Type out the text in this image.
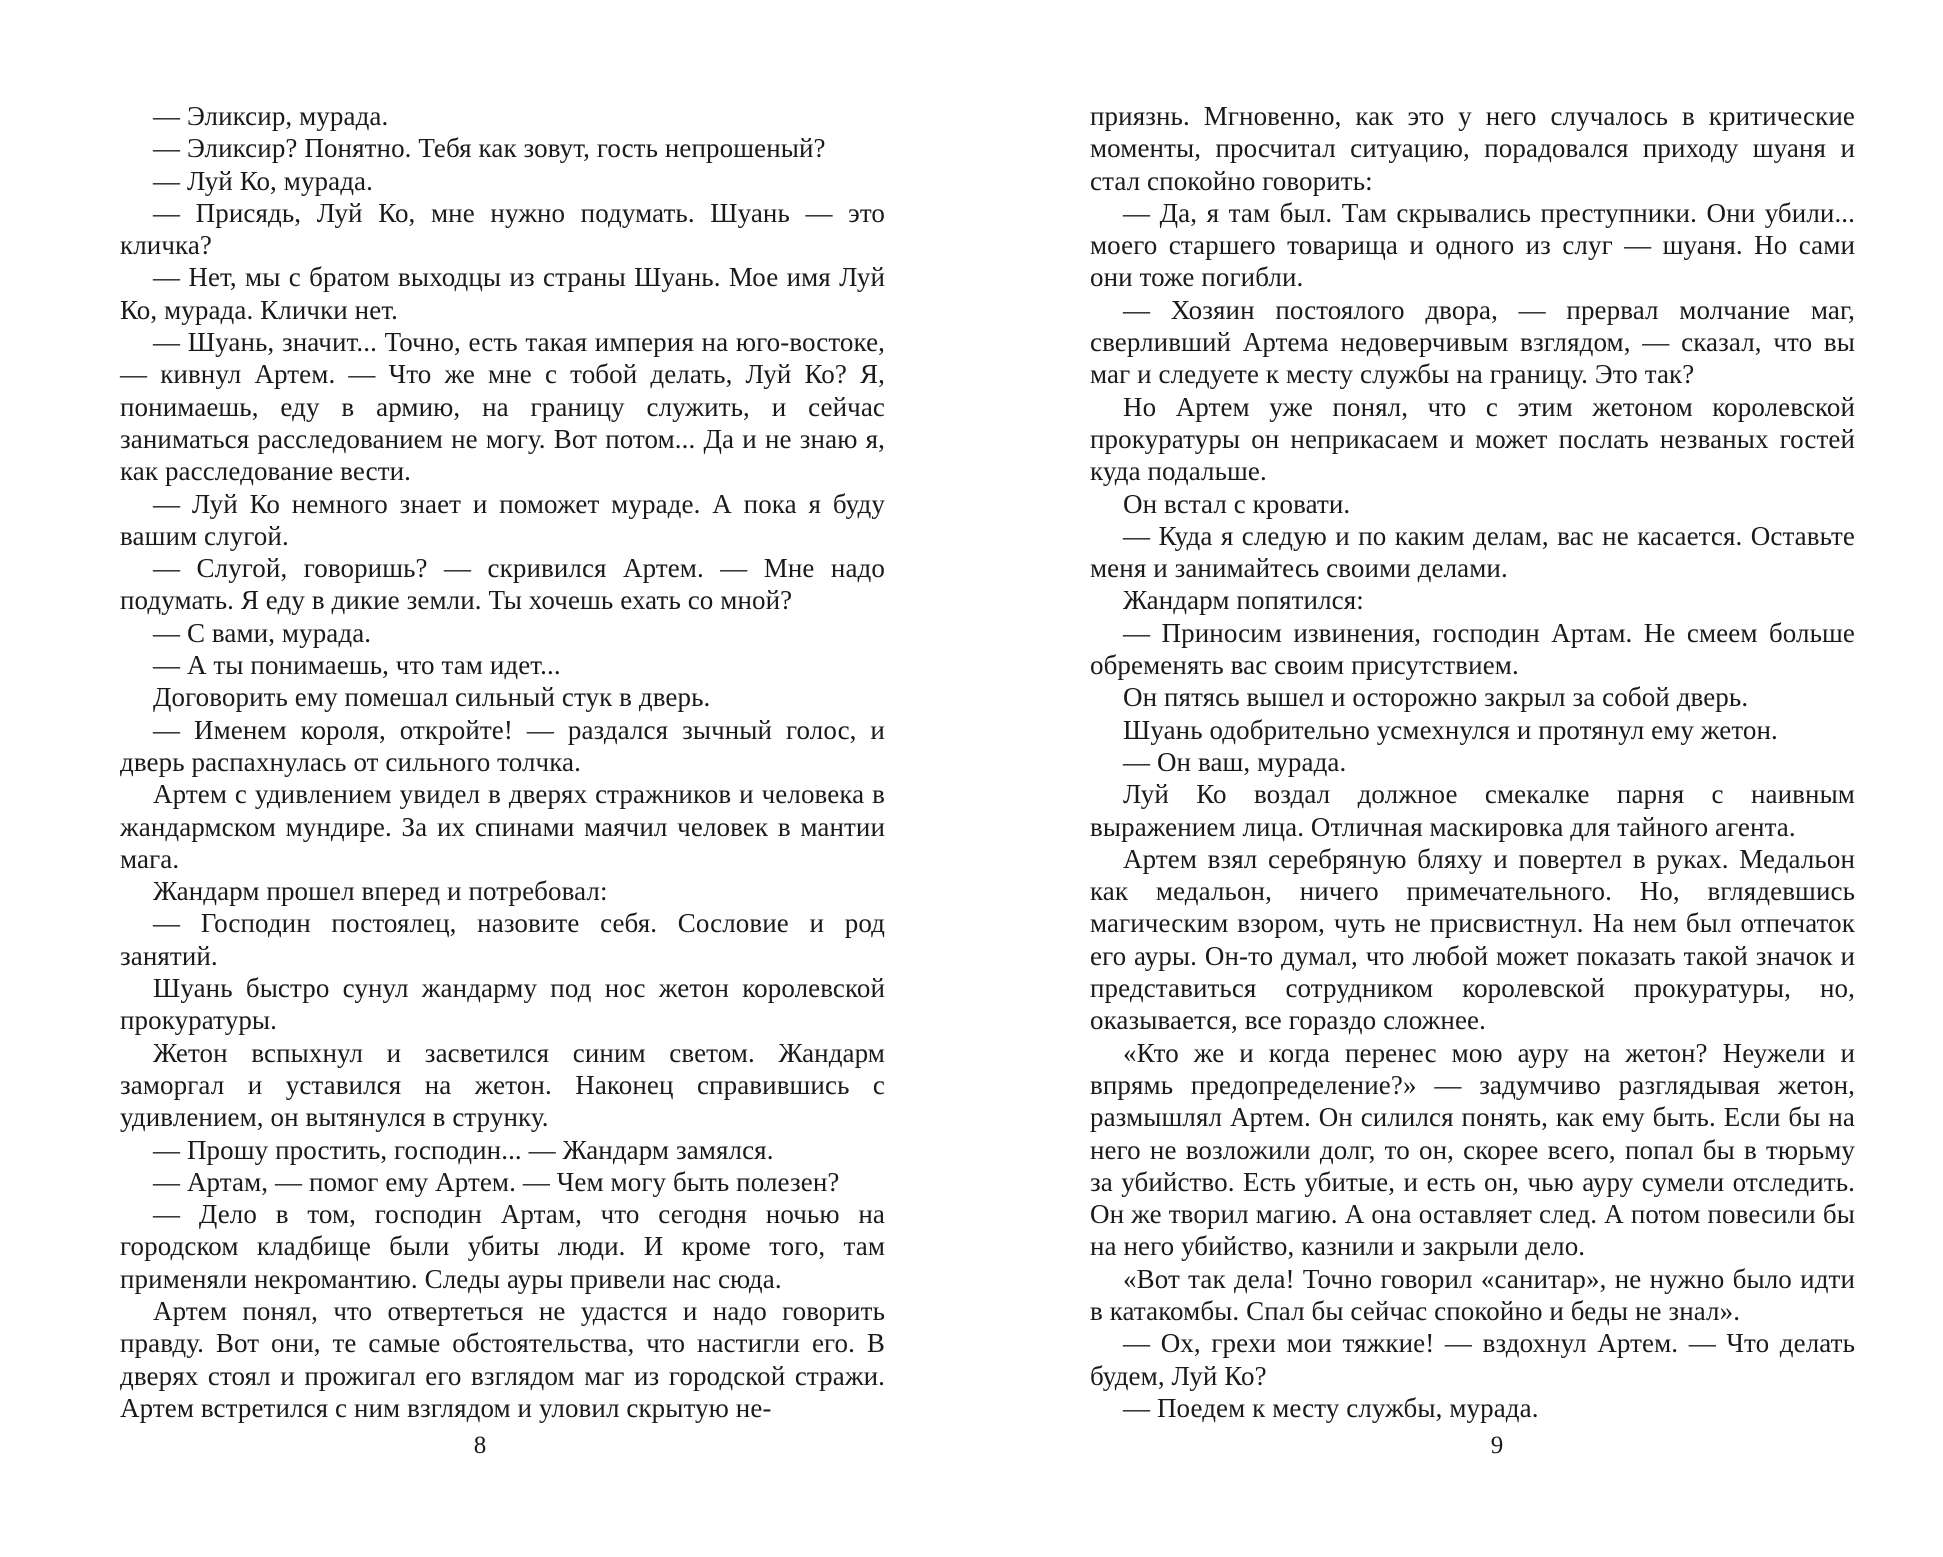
— Эликсир, мурада.

— Эликсир? Понятно. Тебя как зовут, гость непрошеный?

— Луй Ко, мурада.

— Присядь, Луй Ко, мне нужно подумать. Шуань — это кличка?

— Нет, мы с братом выходцы из страны Шуань. Мое имя Луй Ко, мурада. Клички нет.

— Шуань, значит... Точно, есть такая империя на юго-востоке, — кивнул Артем. — Что же мне с тобой делать, Луй Ко? Я, понимаешь, еду в армию, на границу служить, и сейчас заниматься расследованием не могу. Вот потом... Да и не знаю я, как расследование вести.

— Луй Ко немного знает и поможет мураде. А пока я буду вашим слугой.

— Слугой, говоришь? — скривился Артем. — Мне надо подумать. Я еду в дикие земли. Ты хочешь ехать со мной?

— С вами, мурада.

— А ты понимаешь, что там идет...

Договорить ему помешал сильный стук в дверь.

— Именем короля, откройте! — раздался зычный голос, и дверь распахнулась от сильного толчка.

Артем с удивлением увидел в дверях стражников и человека в жандармском мундире. За их спинами маячил человек в мантии мага.

Жандарм прошел вперед и потребовал:

— Господин постоялец, назовите себя. Сословие и род занятий.

Шуань быстро сунул жандарму под нос жетон королевской прокуратуры.

Жетон вспыхнул и засветился синим светом. Жандарм заморгал и уставился на жетон. Наконец справившись с удивлением, он вытянулся в струнку.

— Прошу простить, господин... — Жандарм замялся.

— Артам, — помог ему Артем. — Чем могу быть полезен?

— Дело в том, господин Артам, что сегодня ночью на городском кладбище были убиты люди. И кроме того, там применяли некромантию. Следы ауры привели нас сюда.

Артем понял, что отвертеться не удастся и надо говорить правду. Вот они, те самые обстоятельства, что настигли его. В дверях стоял и прожигал его взглядом маг из городской стражи. Артем встретился с ним взглядом и уловил скрытую не-

8

приязнь. Мгновенно, как это у него случалось в критические моменты, просчитал ситуацию, порадовался приходу шуаня и стал спокойно говорить:

— Да, я там был. Там скрывались преступники. Они убили... моего старшего товарища и одного из слуг — шуаня. Но сами они тоже погибли.

— Хозяин постоялого двора, — прервал молчание маг, сверливший Артема недоверчивым взглядом, — сказал, что вы маг и следуете к месту службы на границу. Это так?

Но Артем уже понял, что с этим жетоном королевской прокуратуры он неприкасаем и может послать незваных гостей куда подальше.

Он встал с кровати.

— Куда я следую и по каким делам, вас не касается. Оставьте меня и занимайтесь своими делами.

Жандарм попятился:

— Приносим извинения, господин Артам. Не смеем больше обременять вас своим присутствием.

Он пятясь вышел и осторожно закрыл за собой дверь.

Шуань одобрительно усмехнулся и протянул ему жетон.

— Он ваш, мурада.

Луй Ко воздал должное смекалке парня с наивным выражением лица. Отличная маскировка для тайного агента.

Артем взял серебряную бляху и повертел в руках. Медальон как медальон, ничего примечательного. Но, вглядевшись магическим взором, чуть не присвистнул. На нем был отпечаток его ауры. Он-то думал, что любой может показать такой значок и представиться сотрудником королевской прокуратуры, но, оказывается, все гораздо сложнее.

«Кто же и когда перенес мою ауру на жетон? Неужели и впрямь предопределение?» — задумчиво разглядывая жетон, размышлял Артем. Он силился понять, как ему быть. Если бы на него не возложили долг, то он, скорее всего, попал бы в тюрьму за убийство. Есть убитые, и есть он, чью ауру сумели отследить. Он же творил магию. А она оставляет след. А потом повесили бы на него убийство, казнили и закрыли дело.

«Вот так дела! Точно говорил «санитар», не нужно было идти в катакомбы. Спал бы сейчас спокойно и беды не знал».

— Ох, грехи мои тяжкие! — вздохнул Артем. — Что делать будем, Луй Ко?

— Поедем к месту службы, мурада.

9
